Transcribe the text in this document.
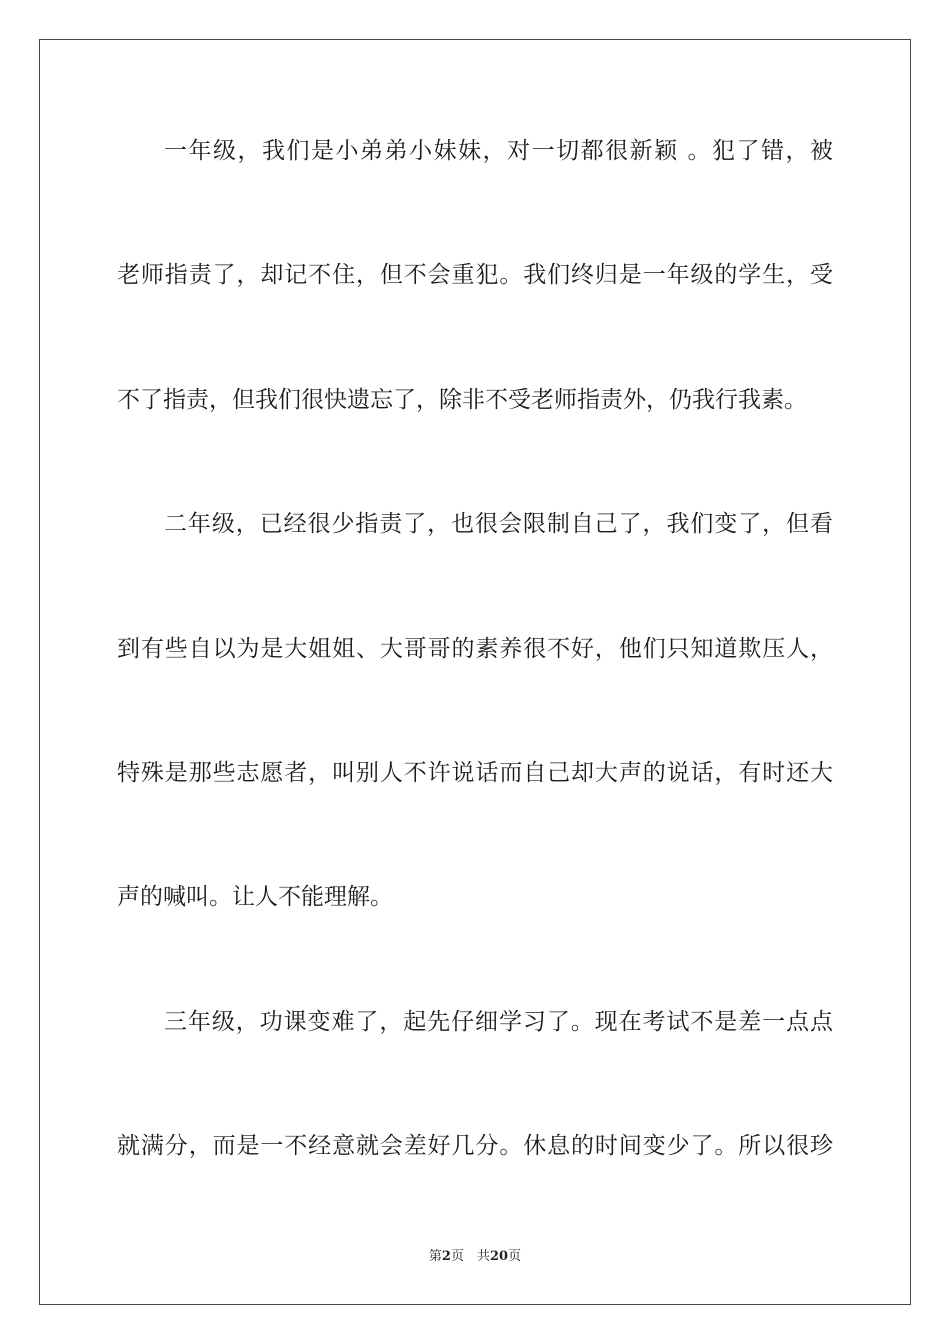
一年级，我们是小弟弟小妹妹，对一切都很新颖 。犯了错，被
老师指责了，却记不住，但不会重犯。我们终归是一年级的学生，受
不了指责，但我们很快遗忘了，除非不受老师指责外，仍我行我素。
二年级，已经很少指责了，也很会限制自己了，我们变了，但看
到有些自以为是大姐姐、大哥哥的素养很不好，他们只知道欺压人，
特殊是那些志愿者，叫别人不许说话而自己却大声的说话，有时还大
声的喊叫。让人不能理解。
三年级，功课变难了，起先仔细学习了。现在考试不是差一点点
就满分，而是一不经意就会差好几分。休息的时间变少了。所以很珍
第2页　共20页
